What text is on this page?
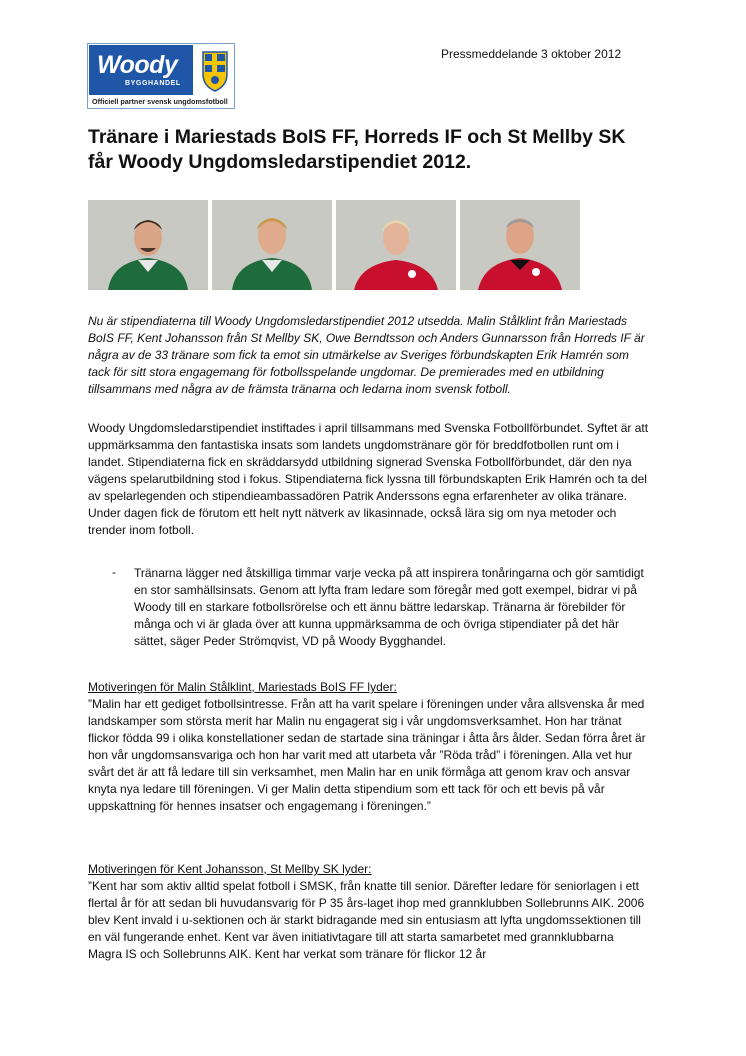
Woody
BYGGHANDEL
Officiell partner svensk ungdomsfotboll
Pressmeddelande 3 oktober 2012
Tränare i Mariestads BoIS FF, Horreds IF och St Mellby SK får Woody Ungdomsledarstipendiet 2012.

Nu är stipendiaterna till Woody Ungdomsledarstipendiet 2012 utsedda. Malin Stålklint från Mariestads BoIS FF, Kent Johansson från St Mellby SK, Owe Berndtsson och Anders Gunnarsson från Horreds IF är några av de 33 tränare som fick ta emot sin utmärkelse av Sveriges förbundskapten Erik Hamrén som tack för sitt stora engagemang för fotbollsspelande ungdomar. De premierades med en utbildning tillsammans med några av de främsta tränarna och ledarna inom svensk fotboll.

Woody Ungdomsledarstipendiet instiftades i april tillsammans med Svenska Fotbollförbundet. Syftet är att uppmärksamma den fantastiska insats som landets ungdomstränare gör för breddfotbollen runt om i landet. Stipendiaterna fick en skräddarsydd utbildning signerad Svenska Fotbollförbundet, där den nya vägens spelarutbildning stod i fokus. Stipendiaterna fick lyssna till förbundskapten Erik Hamrén och ta del av spelarlegenden och stipendieambassadören Patrik Anderssons egna erfarenheter av olika tränare. Under dagen fick de förutom ett helt nytt nätverk av likasinnade, också lära sig om nya metoder och trender inom fotboll.

- Tränarna lägger ned åtskilliga timmar varje vecka på att inspirera tonåringarna och gör samtidigt en stor samhällsinsats. Genom att lyfta fram ledare som föregår med gott exempel, bidrar vi på Woody till en starkare fotbollsrörelse och ett ännu bättre ledarskap. Tränarna är förebilder för många och vi är glada över att kunna uppmärksamma de och övriga stipendiater på det här sättet, säger Peder Strömqvist, VD på Woody Bygghandel.

Motiveringen för Malin Stålklint, Mariestads BoIS FF lyder:
”Malin har ett gediget fotbollsintresse. Från att ha varit spelare i föreningen under våra allsvenska år med landskamper som största merit har Malin nu engagerat sig i vår ungdomsverksamhet. Hon har tränat flickor födda 99 i olika konstellationer sedan de startade sina träningar i åtta års ålder. Sedan förra året är hon vår ungdomsansvariga och hon har varit med att utarbeta vår ”Röda tråd” i föreningen. Alla vet hur svårt det är att få ledare till sin verksamhet, men Malin har en unik förmåga att genom krav och ansvar knyta nya ledare till föreningen. Vi ger Malin detta stipendium som ett tack för och ett bevis på vår uppskattning för hennes insatser och engagemang i föreningen.”
Motiveringen för Kent Johansson, St Mellby SK lyder:
”Kent har som aktiv alltid spelat fotboll i SMSK, från knatte till senior. Därefter ledare för seniorlagen i ett flertal år för att sedan bli huvudansvarig för P 35 års-laget ihop med grannklubben Sollebrunns AIK. 2006 blev Kent invald i u-sektionen och är starkt bidragande med sin entusiasm att lyfta ungdomssektionen till en väl fungerande enhet. Kent var även initiativtagare till att starta samarbetet med grannklubbarna Magra IS och Sollebrunns AIK. Kent har verkat som tränare för flickor 12 år
